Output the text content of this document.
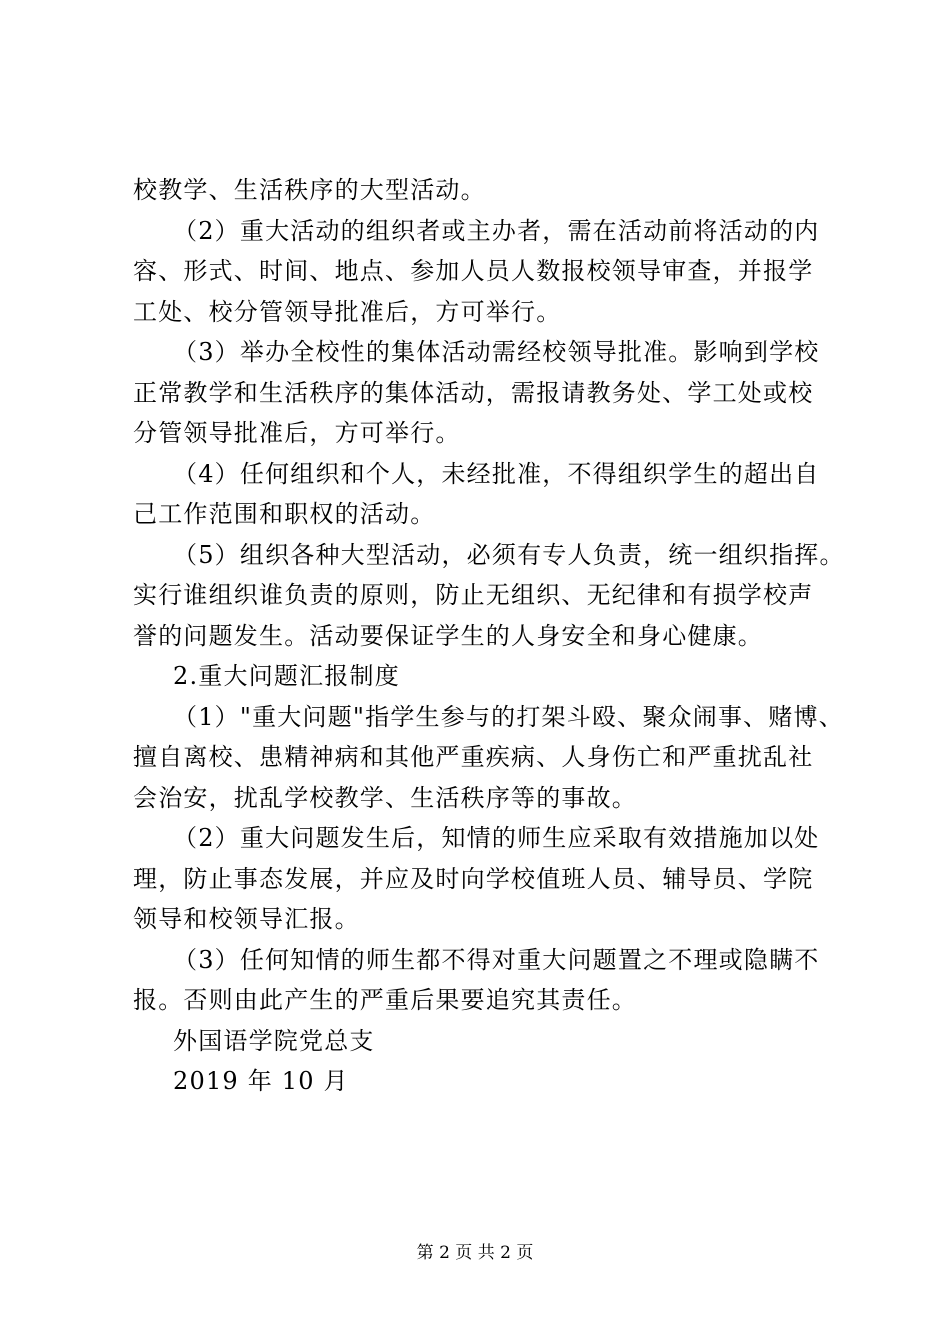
校教学、生活秩序的大型活动。
（2）重大活动的组织者或主办者，需在活动前将活动的内
容、形式、时间、地点、参加人员人数报校领导审查，并报学
工处、校分管领导批准后，方可举行。
（3）举办全校性的集体活动需经校领导批准。影响到学校
正常教学和生活秩序的集体活动，需报请教务处、学工处或校
分管领导批准后，方可举行。
（4）任何组织和个人，未经批准，不得组织学生的超出自
己工作范围和职权的活动。
（5）组织各种大型活动，必须有专人负责，统一组织指挥。
实行谁组织谁负责的原则，防止无组织、无纪律和有损学校声
誉的问题发生。活动要保证学生的人身安全和身心健康。
2.重大问题汇报制度
（1）"重大问题"指学生参与的打架斗殴、聚众闹事、赌博、
擅自离校、患精神病和其他严重疾病、人身伤亡和严重扰乱社
会治安，扰乱学校教学、生活秩序等的事故。
（2）重大问题发生后，知情的师生应采取有效措施加以处
理，防止事态发展，并应及时向学校值班人员、辅导员、学院
领导和校领导汇报。
（3）任何知情的师生都不得对重大问题置之不理或隐瞒不
报。否则由此产生的严重后果要追究其责任。
外国语学院党总支
2019 年 10 月
第 2 页 共 2 页
